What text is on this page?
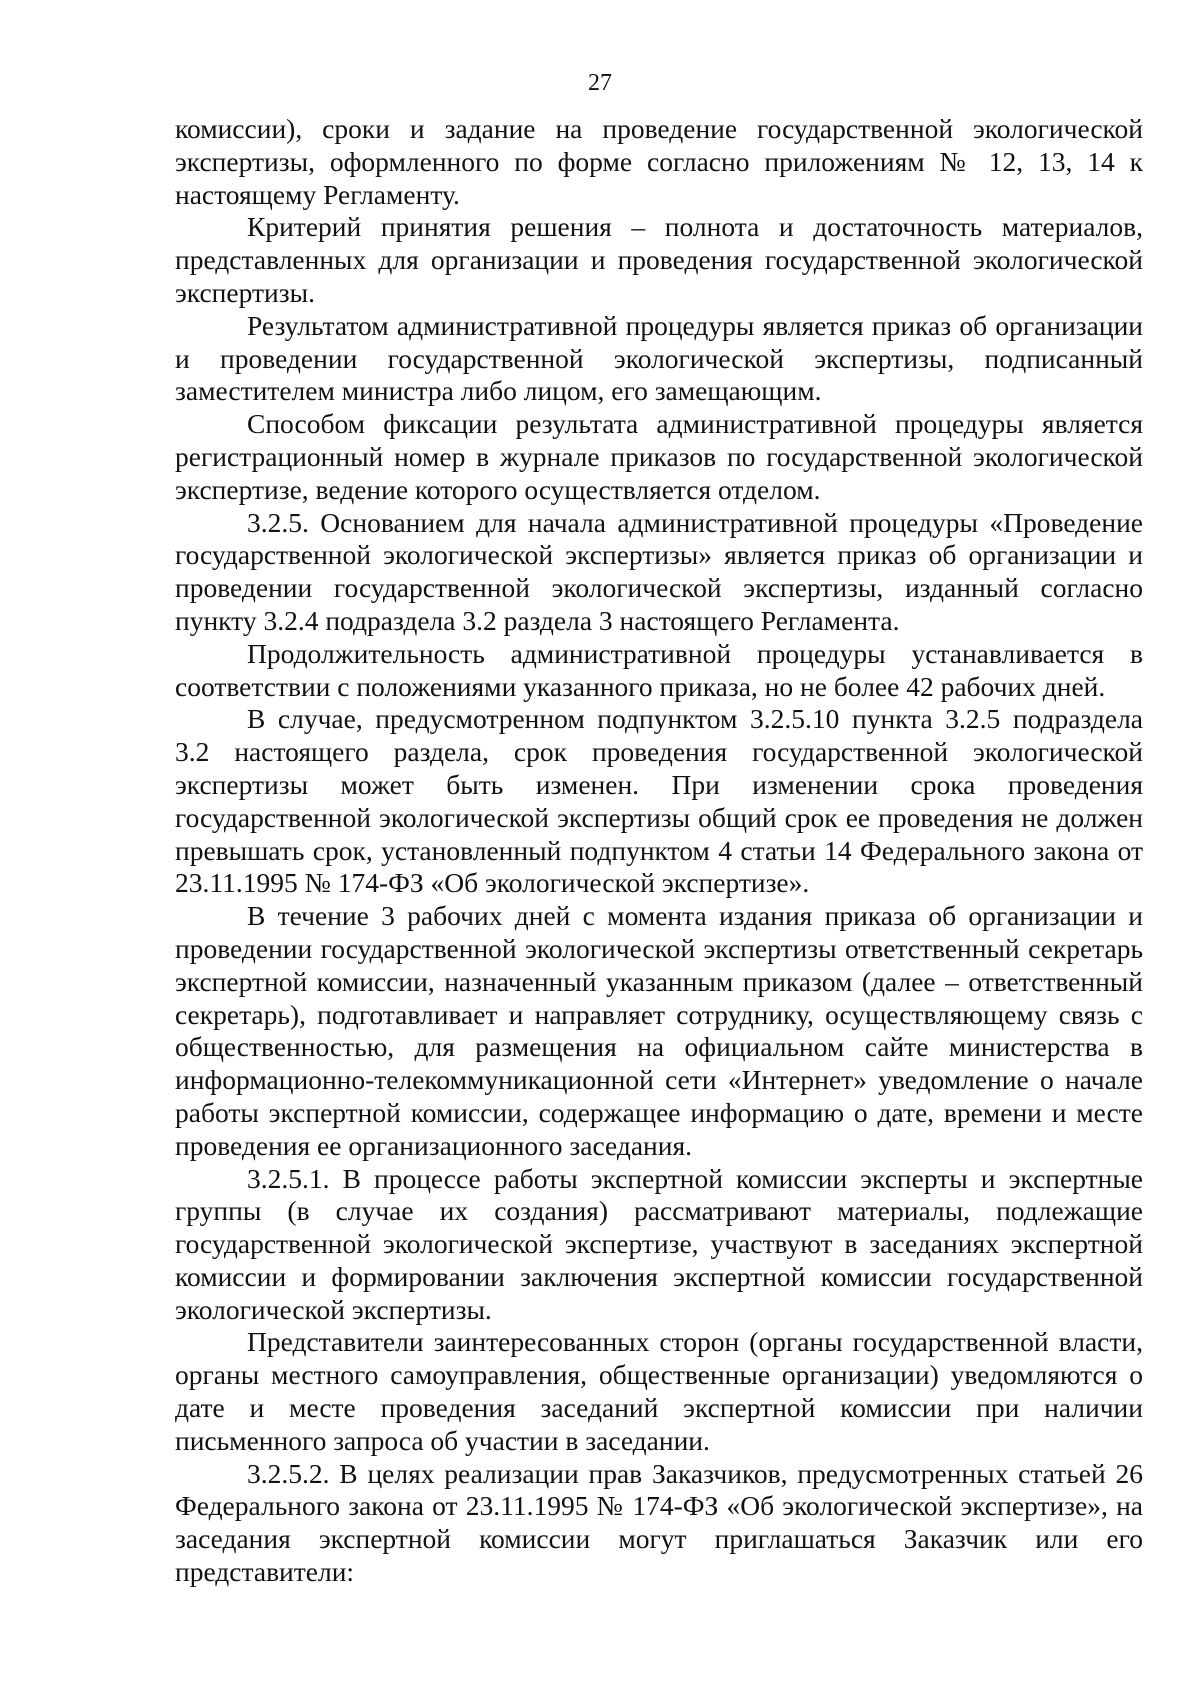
27

комиссии), сроки и задание на проведение государственной экологической экспертизы, оформленного по форме согласно приложениям № 12, 13, 14 к настоящему Регламенту.

Критерий принятия решения – полнота и достаточность материалов, представленных для организации и проведения государственной экологической экспертизы.

Результатом административной процедуры является приказ об организации и проведении государственной экологической экспертизы, подписанный заместителем министра либо лицом, его замещающим.

Способом фиксации результата административной процедуры является регистрационный номер в журнале приказов по государственной экологической экспертизе, ведение которого осуществляется отделом.

3.2.5. Основанием для начала административной процедуры «Проведение государственной экологической экспертизы» является приказ об организации и проведении государственной экологической экспертизы, изданный согласно пункту 3.2.4 подраздела 3.2 раздела 3 настоящего Регламента.

Продолжительность административной процедуры устанавливается в соответствии с положениями указанного приказа, но не более 42 рабочих дней.

В случае, предусмотренном подпунктом 3.2.5.10 пункта 3.2.5 подраздела 3.2 настоящего раздела, срок проведения государственной экологической экспертизы может быть изменен. При изменении срока проведения государственной экологической экспертизы общий срок ее проведения не должен превышать срок, установленный подпунктом 4 статьи 14 Федерального закона от 23.11.1995 № 174-ФЗ «Об экологической экспертизе».

В течение 3 рабочих дней с момента издания приказа об организации и проведении государственной экологической экспертизы ответственный секретарь экспертной комиссии, назначенный указанным приказом (далее – ответственный секретарь), подготавливает и направляет сотруднику, осуществляющему связь с общественностью, для размещения на официальном сайте министерства в информационно-телекоммуникационной сети «Интернет» уведомление о начале работы экспертной комиссии, содержащее информацию о дате, времени и месте проведения ее организационного заседания.

3.2.5.1. В процессе работы экспертной комиссии эксперты и экспертные группы (в случае их создания) рассматривают материалы, подлежащие государственной экологической экспертизе, участвуют в заседаниях экспертной комиссии и формировании заключения экспертной комиссии государственной экологической экспертизы.

Представители заинтересованных сторон (органы государственной власти, органы местного самоуправления, общественные организации) уведомляются о дате и месте проведения заседаний экспертной комиссии при наличии письменного запроса об участии в заседании.

3.2.5.2. В целях реализации прав Заказчиков, предусмотренных статьей 26 Федерального закона от 23.11.1995 № 174-ФЗ «Об экологической экспертизе», на заседания экспертной комиссии могут приглашаться Заказчик или его представители:
